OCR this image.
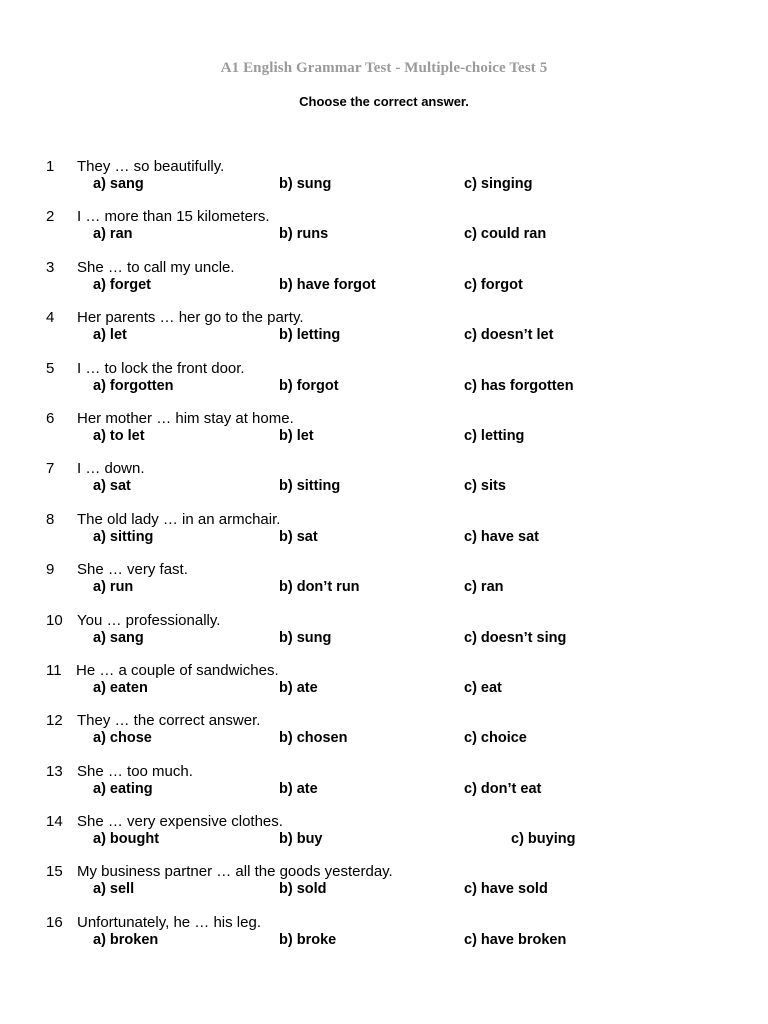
A1 English Grammar Test - Multiple-choice Test 5
Choose the correct answer.
1 They … so beautifully.
a) sang	b) sung	c) singing
2 I … more than 15 kilometers.
a) ran	b) runs	c) could ran
3 She … to call my uncle.
a) forget	b) have forgot	c) forgot
4 Her parents … her go to the party.
a) let	b) letting	c) doesn’t let
5 I … to lock the front door.
a) forgotten	b) forgot	c) has forgotten
6 Her mother … him stay at home.
a) to let	b) let	c) letting
7 I … down.
a) sat	b) sitting	c) sits
8 The old lady … in an armchair.
a) sitting	b) sat	c) have sat
9 She … very fast.
a) run	b) don’t run	c) ran
10 You … professionally.
a) sang	b) sung	c) doesn’t sing
11 He … a couple of sandwiches.
a) eaten	b) ate	c) eat
12 They … the correct answer.
a) chose	b) chosen	c) choice
13 She … too much.
a) eating	b) ate	c) don’t eat
14 She … very expensive clothes.
a) bought	b) buy	c) buying
15 My business partner … all the goods yesterday.
a) sell	b) sold	c) have sold
16 Unfortunately, he … his leg.
a) broken	b) broke	c) have broken
